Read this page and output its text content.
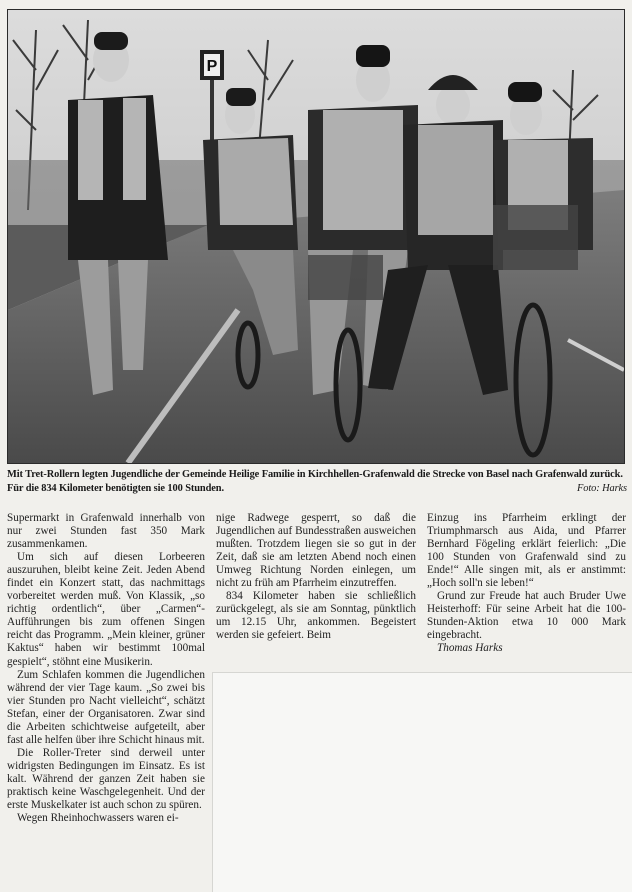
P
Mit Tret-Rollern legten Jugendliche der Gemeinde Heilige Familie in Kirchhellen-Grafenwald die Strecke von Basel nach Grafenwald zurück. Für die 834 Kilometer benötigten sie 100 Stunden.	Foto: Harks

Supermarkt in Grafenwald innerhalb von nur zwei Stunden fast 350 Mark zusammenkamen.

Um sich auf diesen Lorbeeren auszuruhen, bleibt keine Zeit. Jeden Abend findet ein Konzert statt, das nachmittags vorbereitet werden muß. Von Klassik, „so richtig ordentlich“, über „Carmen“-Aufführungen bis zum offenen Singen reicht das Programm. „Mein kleiner, grüner Kaktus“ haben wir bestimmt 100mal gespielt“, stöhnt eine Musikerin.

Zum Schlafen kommen die Jugendlichen während der vier Tage kaum. „So zwei bis vier Stunden pro Nacht vielleicht“, schätzt Stefan, einer der Organisatoren. Zwar sind die Arbeiten schichtweise aufgeteilt, aber fast alle helfen über ihre Schicht hinaus mit.

Die Roller-Treter sind derweil unter widrigsten Bedingungen im Einsatz. Es ist kalt. Während der ganzen Zeit haben sie praktisch keine Waschgelegenheit. Und der erste Muskelkater ist auch schon zu spüren.

Wegen Rheinhochwassers waren ei-

nige Radwege gesperrt, so daß die Jugendlichen auf Bundesstraßen ausweichen mußten. Trotzdem liegen sie so gut in der Zeit, daß sie am letzten Abend noch einen Umweg Richtung Norden einlegen, um nicht zu früh am Pfarrheim einzutreffen.

834 Kilometer haben sie schließlich zurückgelegt, als sie am Sonntag, pünktlich um 12.15 Uhr, ankommen. Begeistert werden sie gefeiert. Beim

Einzug ins Pfarrheim erklingt der Triumphmarsch aus Aida, und Pfarrer Bernhard Fögeling erklärt feierlich: „Die 100 Stunden von Grafenwald sind zu Ende!“ Alle singen mit, als er anstimmt: „Hoch soll'n sie leben!“

Grund zur Freude hat auch Bruder Uwe Heisterhoff: Für seine Arbeit hat die 100-Stunden-Aktion etwa 10 000 Mark eingebracht.

Thomas Harks
